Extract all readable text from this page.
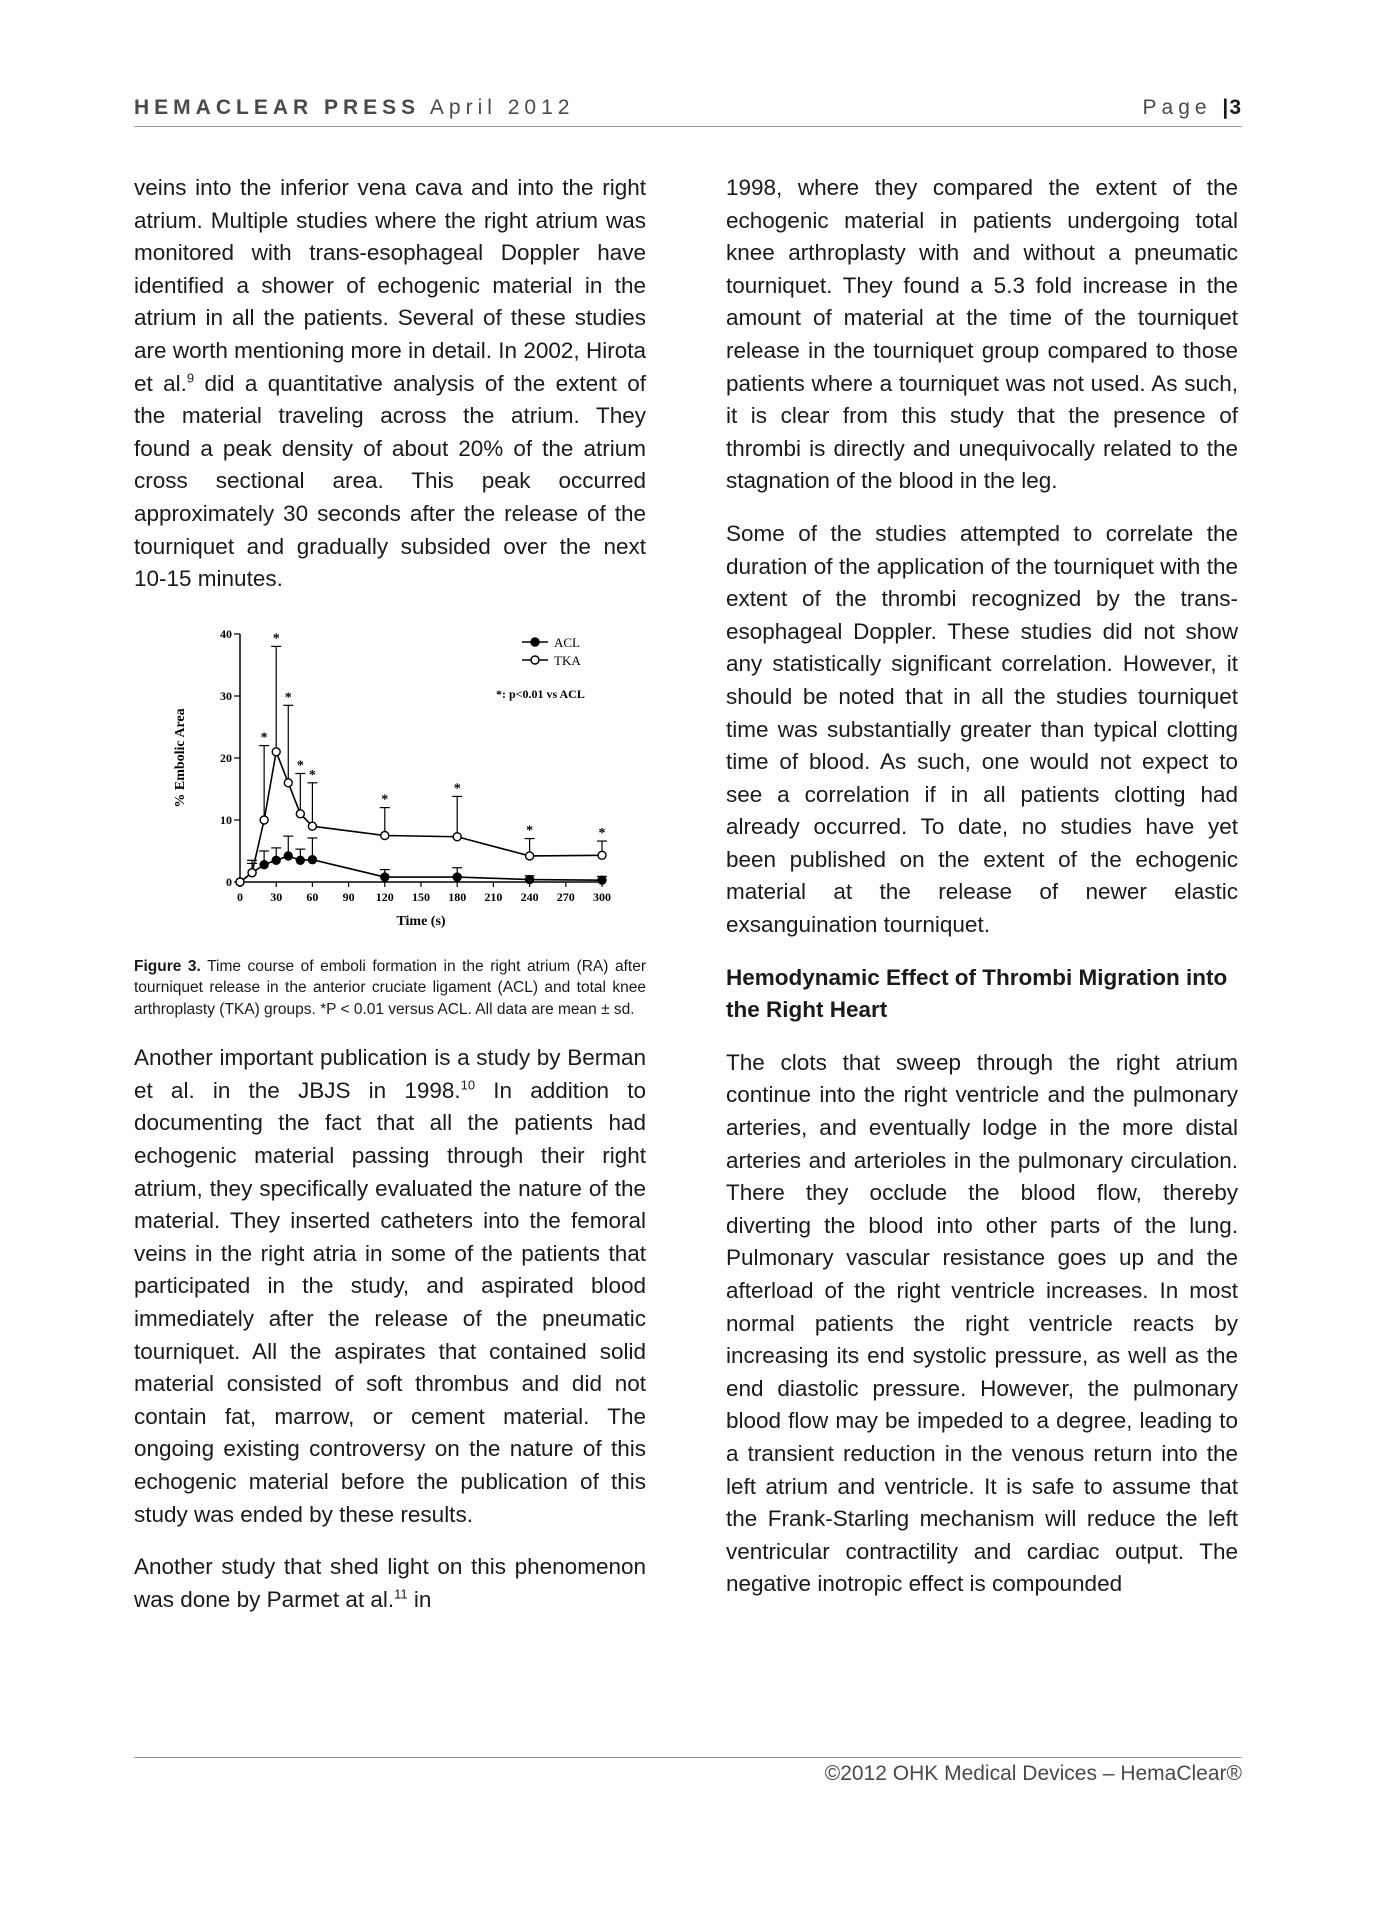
HEMACLEAR PRESS April 2012	Page |3

veins into the inferior vena cava and into the right atrium. Multiple studies where the right atrium was monitored with trans-esophageal Doppler have identified a shower of echogenic material in the atrium in all the patients. Several of these studies are worth mentioning more in detail. In 2002, Hirota et al.$^9$ did a quantitative analysis of the extent of the material traveling across the atrium. They found a peak density of about 20% of the atrium cross sectional area. This peak occurred approximately 30 seconds after the release of the tourniquet and gradually subsided over the next 10-15 minutes.

0
10
20
30
40
0 30 60 90 120 150 180 210 240 270 300
Time (s)
% Embolic Area	*
*
*
*
*
*
*
*	*
ACL
TKA
*: p<0.01 vs ACL
Figure 3. Time course of emboli formation in the right atrium (RA) after tourniquet release in the anterior cruciate ligament (ACL) and total knee arthroplasty (TKA) groups. *P < 0.01 versus ACL. All data are mean ± sd.

Another important publication is a study by Berman et al. in the JBJS in 1998.10 In addition to documenting the fact that all the patients had echogenic material passing through their right atrium, they specifically evaluated the nature of the material. They inserted catheters into the femoral veins in the right atria in some of the patients that participated in the study, and aspirated blood immediately after the release of the pneumatic tourniquet. All the aspirates that contained solid material consisted of soft thrombus and did not contain fat, marrow, or cement material. The ongoing existing controversy on the nature of this echogenic material before the publication of this study was ended by these results.

Another study that shed light on this phenomenon was done by Parmet at al.$^{11}$ in

1998, where they compared the extent of the echogenic material in patients undergoing total knee arthroplasty with and without a pneumatic tourniquet. They found a 5.3 fold increase in the amount of material at the time of the tourniquet release in the tourniquet group compared to those patients where a tourniquet was not used. As such, it is clear from this study that the presence of thrombi is directly and unequivocally related to the stagnation of the blood in the leg.

Some of the studies attempted to correlate the duration of the application of the tourniquet with the extent of the thrombi recognized by the trans-esophageal Doppler. These studies did not show any statistically significant correlation. However, it should be noted that in all the studies tourniquet time was substantially greater than typical clotting time of blood. As such, one would not expect to see a correlation if in all patients clotting had already occurred. To date, no studies have yet been published on the extent of the echogenic material at the release of newer elastic exsanguination tourniquet.

Hemodynamic Effect of Thrombi Migration into the Right Heart

The clots that sweep through the right atrium continue into the right ventricle and the pulmonary arteries, and eventually lodge in the more distal arteries and arterioles in the pulmonary circulation. There they occlude the blood flow, thereby diverting the blood into other parts of the lung. Pulmonary vascular resistance goes up and the afterload of the right ventricle increases. In most normal patients the right ventricle reacts by increasing its end systolic pressure, as well as the end diastolic pressure. However, the pulmonary blood flow may be impeded to a degree, leading to a transient reduction in the venous return into the left atrium and ventricle. It is safe to assume that the Frank-Starling mechanism will reduce the left ventricular contractility and cardiac output. The negative inotropic effect is compounded

©2012 OHK Medical Devices – HemaClear®
